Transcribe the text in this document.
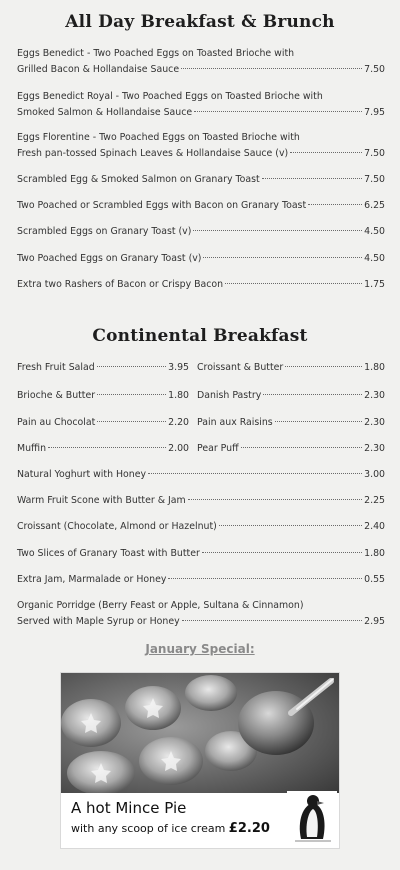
All Day Breakfast & Brunch
Eggs Benedict - Two Poached Eggs on Toasted Brioche with
Grilled Bacon & Hollandaise Sauce	7.50
Eggs Benedict Royal - Two Poached Eggs on Toasted Brioche with
Smoked Salmon & Hollandaise Sauce	7.95
Eggs Florentine - Two Poached Eggs on Toasted Brioche with
Fresh pan-tossed Spinach Leaves & Hollandaise Sauce (v)	7.50
Scrambled Egg & Smoked Salmon on Granary Toast	7.50
Two Poached or Scrambled Eggs with Bacon on Granary Toast	6.25
Scrambled Eggs on Granary Toast (v)	4.50
Two Poached Eggs on Granary Toast (v)	4.50
Extra two Rashers of Bacon or Crispy Bacon	1.75
Continental Breakfast
Fresh Fruit Salad	3.95 Croissant & Butter	1.80
Brioche & Butter	1.80 Danish Pastry	2.30
Pain au Chocolat	2.20 Pain aux Raisins	2.30
Muffin	2.00 Pear Puff	2.30
Natural Yoghurt with Honey	3.00
Warm Fruit Scone with Butter & Jam	2.25
Croissant (Chocolate, Almond or Hazelnut)	2.40
Two Slices of Granary Toast with Butter	1.80
Extra Jam, Marmalade or Honey	0.55
Organic Porridge (Berry Feast or Apple, Sultana & Cinnamon)
Served with Maple Syrup or Honey	2.95
January Special:
A hot Mince Pie
with any scoop of ice cream £2.20
